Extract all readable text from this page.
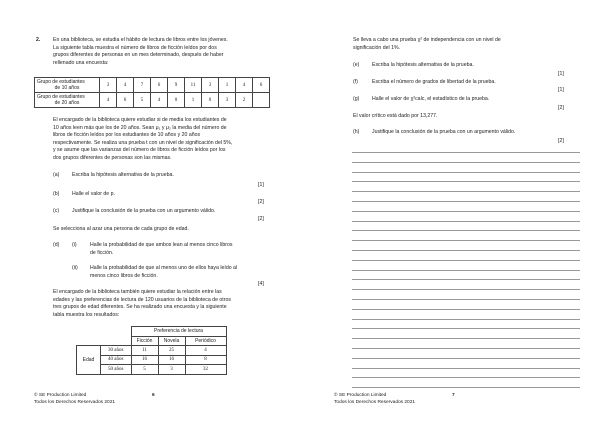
2. En una biblioteca, se estudia el hábito de lectura de libros entre los jóvenes.
La siguiente tabla muestra el número de libros de ficción leídos por dos
grupos diferentes de personas en un mes determinado, después de haber
rellenado una encuesta:
Grupo de estudiantes
de 10 años	3	4	7	6	9	11	3	1	4	6

Grupo de estudiantes
de 20 años	4	6	5	4	0	1	0	3	2	
El encargado de la biblioteca quiere estudiar si de media los estudiantes de
10 años leen más que los de 20 años. Sean μ₁ y μ₂ la media del número de
libros de ficción leídos por los estudiantes de 10 años y 20 años
respectivamente. Se realiza una prueba t con un nivel de significación del 5%,
y se asume que las varianzas del número de libros de ficción leídos por los
dos grupos diferentes de personas son las mismas.
(a) Escriba la hipótesis alternativa de la prueba.
[1]
(b) Halle el valor de p.
[2]
(c) Justifique la conclusión de la prueba con un argumento válido.
[2]
Se selecciona al azar una persona de cada grupo de edad.
(d) (i)	Halle la probabilidad de que ambos lean al menos cinco libros
de ficción.
(ii) Halle la probabilidad de que al menos uno de ellos haya leído al
menos cinco libros de ficción.
[4]
El encargado de la biblioteca también quiere estudiar la relación entre las
edades y las preferencias de lectura de 120 usuarios de la biblioteca de otros
tres grupos de edad diferentes. Se ha realizado una encuesta y la siguiente
tabla muestra los resultados:
		Preferencia de lectura		
		Ficción	Novela	Periódico
Edad	30 años	11	25	4
	40 años	16	16	8
	50 años	5	3	32
© SE Production Limited
Todos los Derechos Reservados 2021
6
Se lleva a cabo una prueba χ² de independencia con un nivel de
significación del 1%.
(e) Escriba la hipótesis alternativa de la prueba.
[1]
(f)	Escriba el número de grados de libertad de la prueba.
[1]
(g) Halle el valor de χ²calc, el estadístico de la prueba.
[2]
El valor crítico está dado por 13,277.
(h) Justifique la conclusión de la prueba con un argumento válido.
[2]
© SE Production Limited
Todos los Derechos Reservados 2021
7
